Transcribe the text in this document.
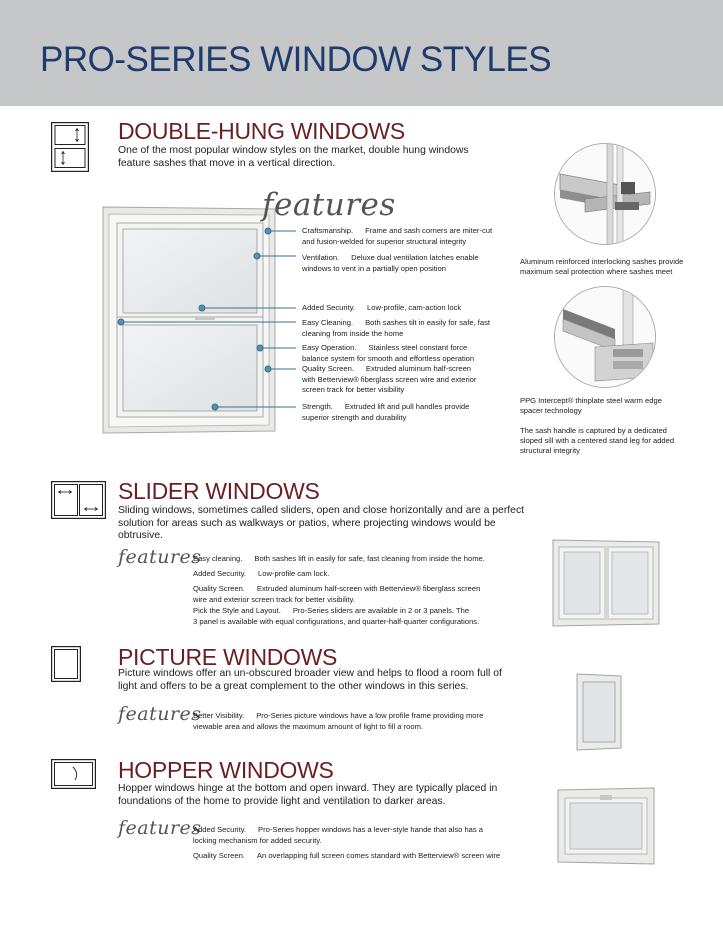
PRO-SERIES WINDOW STYLES
DOUBLE-HUNG WINDOWS
One of the most popular window styles on the market, double hung windows
feature sashes that move in a vertical direction.
features
Craftsmanship. Frame and sash corners are miter-cut
and fusion-welded for superior structural integrity
Ventilation. Deluxe dual ventilation latches enable
windows to vent in a partially open position
Added Security. Low-profile, cam-action lock
Easy Cleaning. Both sashes tilt in easily for safe, fast
cleaning from inside the home
Easy Operation. Stainless steel constant force
balance system for smooth and effortless operation
Quality Screen. Extruded aluminum half-screen
with Betterview® fiberglass screen wire and exterior
screen track for better visibility
Strength. Extruded lift and pull handles provide
superior strength and durability
Aluminum reinforced interlocking sashes provide
maximum seal protection where sashes meet
PPG Intercept® thinplate steel warm edge
spacer technology
The sash handle is captured by a dedicated
sloped sill with a centered stand leg for added
structural integrity
SLIDER WINDOWS
Sliding windows, sometimes called sliders, open and close horizontally and are a perfect
solution for areas such as walkways or patios, where projecting windows would be
obtrusive.
features
Easy cleaning. Both sashes lift in easily for safe, fast cleaning from inside the home.
Added Security. Low-profile cam lock.
Quality Screen. Extruded aluminum half-screen with Betterview® fiberglass screen
wire and exterior screen track for better visibility.
Pick the Style and Layout. Pro-Series sliders are available in 2 or 3 panels. The
3 panel is available with equal configurations, and quarter-half-quarter configurations.
PICTURE WINDOWS
Picture windows offer an un-obscured broader view and helps to flood a room full of
light and offers to be a great complement to the other windows in this series.
features
Better Visibility. Pro-Series picture windows have a low profile frame providing more
viewable area and allows the maximum amount of light to fill a room.
HOPPER WINDOWS
Hopper windows hinge at the bottom and open inward. They are typically placed in
foundations of the home to provide light and ventilation to darker areas.
features
Added Security. Pro-Series hopper windows has a lever-style hande that also has a
locking mechanism for added security.
Quality Screen. An overlapping full screen comes standard with Betterview® screen wire
